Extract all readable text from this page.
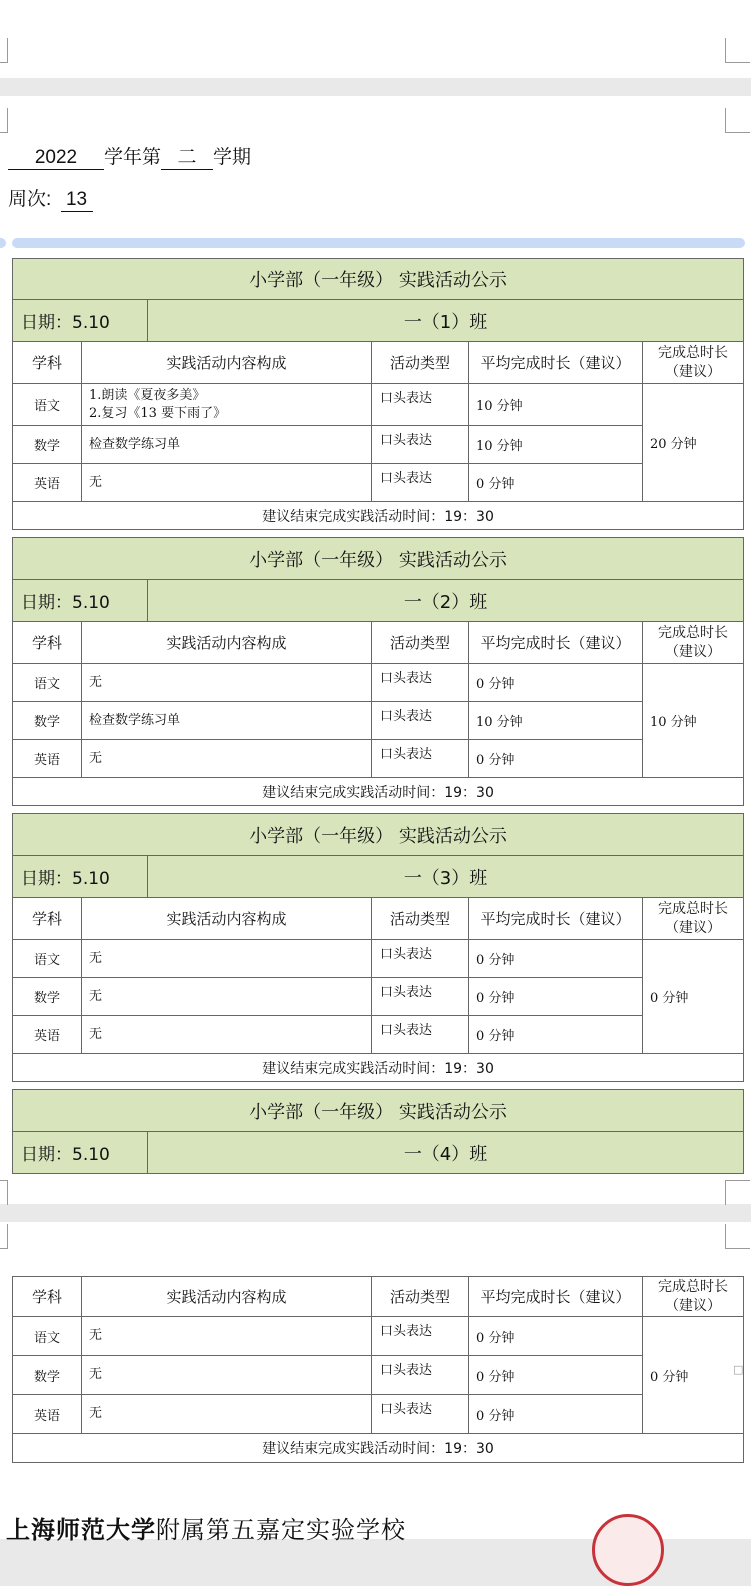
2022 学年第 二 学期
周次: 13
小学部（一年级） 实践活动公示					
日期：5.10		一（1）班			
学科	实践活动内容构成		活动类型	平均完成时长（建议）	完成总时长
（建议）
语文	1.朗读《夏夜多美》
2.复习《13 要下雨了》		口头表达	10 分钟	20 分钟
数学	检查数学练习单		口头表达	10 分钟	
英语	无		口头表达	0 分钟	
建议结束完成实践活动时间：19：30					
小学部（一年级） 实践活动公示					
日期：5.10		一（2）班			
学科	实践活动内容构成		活动类型	平均完成时长（建议）	完成总时长
（建议）
语文	无		口头表达	0 分钟	10 分钟
数学	检查数学练习单		口头表达	10 分钟	
英语	无		口头表达	0 分钟	
建议结束完成实践活动时间：19：30					
小学部（一年级） 实践活动公示					
日期：5.10		一（3）班			
学科	实践活动内容构成		活动类型	平均完成时长（建议）	完成总时长
（建议）
语文	无		口头表达	0 分钟	0 分钟
数学	无		口头表达	0 分钟	
英语	无		口头表达	0 分钟	
建议结束完成实践活动时间：19：30					
小学部（一年级） 实践活动公示
日期：5.10	一（4）班
学科	实践活动内容构成	活动类型	平均完成时长（建议）	完成总时长
（建议）
语文	无	口头表达	0 分钟	0 分钟
数学	无	口头表达	0 分钟	
英语	无	口头表达	0 分钟	
建议结束完成实践活动时间：19：30				
□
上海师范大学附属第五嘉定实验学校
